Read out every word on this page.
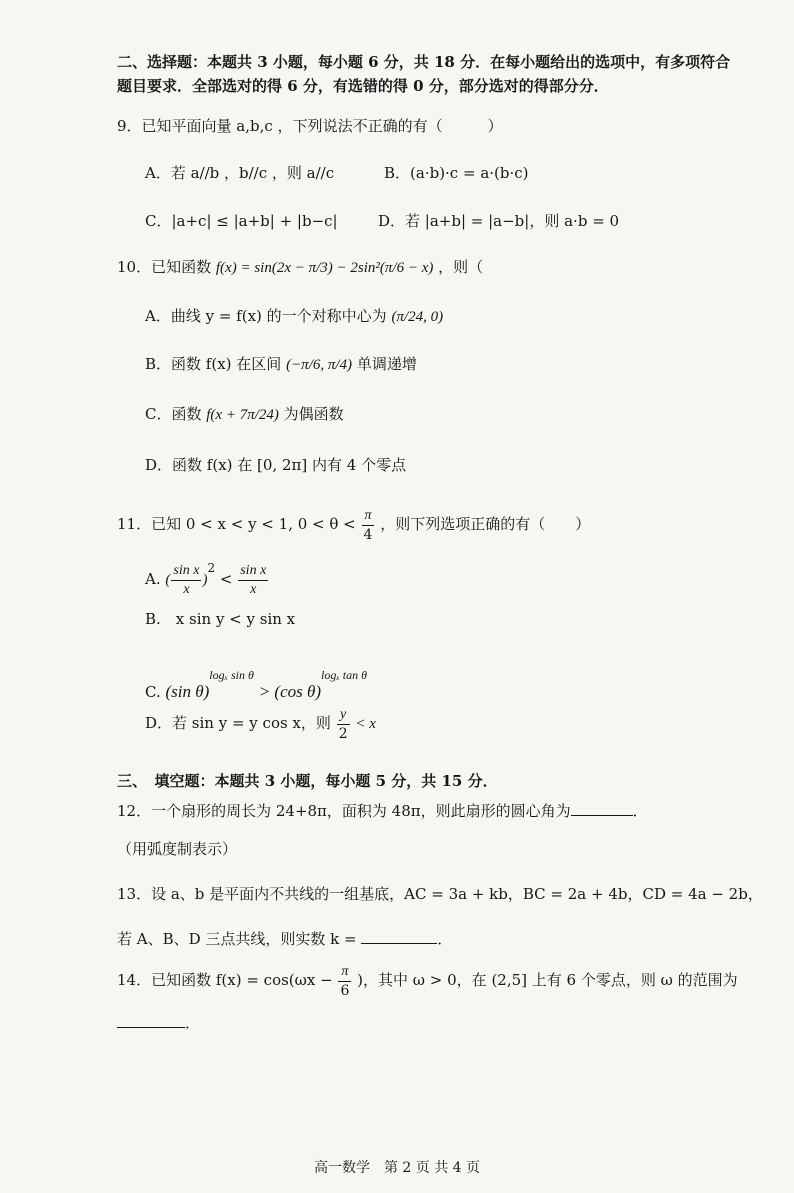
二、选择题：本题共 3 小题，每小题 6 分，共 18 分．在每小题给出的选项中，有多项符合
题目要求．全部选对的得 6 分，有选错的得 0 分，部分选对的得部分分．
9．已知平面向量 a,b,c ，下列说法不正确的有（　　　）
A．若 a//b ，b//c ，则 a//c	B．(a·b)·c = a·(b·c)
C．|a+c| ≤ |a+b| + |b−c|	D．若 |a+b| = |a−b|，则 a·b = 0
10．已知函数 f(x) = sin(2x − π/3) − 2sin²(π/6 − x) ，则（
A．曲线 y = f(x) 的一个对称中心为 (π/24, 0)
B．函数 f(x) 在区间 (−π/6, π/4) 单调递增
C．函数 f(x + 7π/24) 为偶函数
D．函数 f(x) 在 [0, 2π] 内有 4 个零点
11．已知 0 < x < y < 1, $0 < \theta < \frac{\pi}{4}$ ，则下列选项正确的有（　　）
A. ( $\frac{\text{sin x}}{x} )^2 < \frac{\text{sin x}}{x}$
B.　x sin y < y sin x
C. (sin θ)$^{log_x sin \theta}$ > (cos θ)$^{log_x tan \theta}$
D．若 sin y = y cos x，则 $\frac{y}{2} < x$
三、　填空题：本题共 3 小题，每小题 5 分，共 15 分．
12．一个扇形的周长为 24+8π，面积为 48π，则此扇形的圆心角为	．
（用弧度制表示）
13．设 a、b 是平面内不共线的一组基底，AC = 3a + kb，BC = 2a + 4b，CD = 4a − 2b，
若 A、B、D 三点共线，则实数 k =	．
14．已知函数 $f(x) = \cos(\omega x - \frac{\pi}{6}$ )，其中 ω > 0，在 (2,5] 上有 6 个零点，则 ω 的范围为
．
高一数学　第 2 页 共 4 页
